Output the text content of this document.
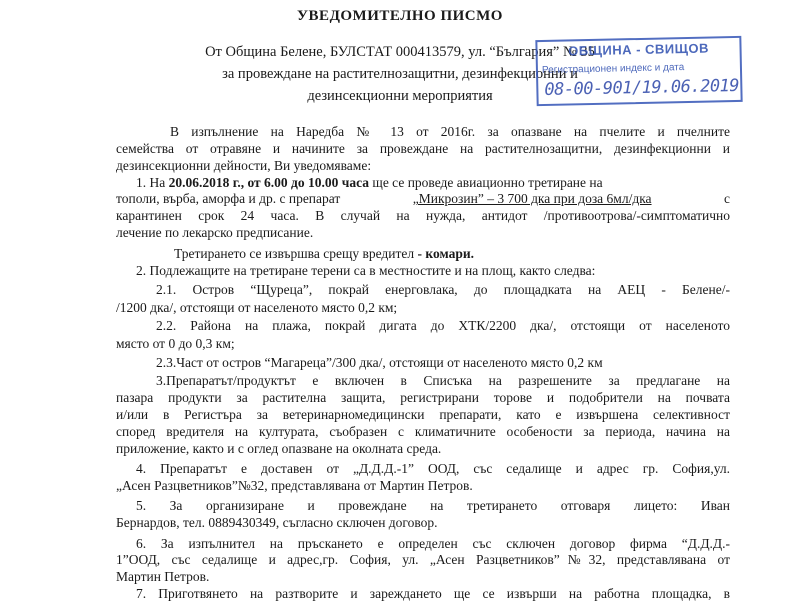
УВЕДОМИТЕЛНО ПИСМО
От Община Белене, БУЛСТАТ 000413579, ул. “България” № 35
за провеждане на растителнозащитни, дезинфекционни и
дезинсекционни мероприятия
ОБЩИНА - СВИЩОВ
Регистрационен индекс и дата
08-00-901/19.06.2019
В изпълнение на Наредба № 13 от 2016г. за опазване на пчелите и пчелните
семейства от отравяне и начините за провеждане на растителнозащитни, дезинфекционни и
дезинсекционни дейности, Ви уведомяваме:
1. На 20.06.2018 г., от 6.00 до 10.00 часа ще се проведе авиационно третиране на
тополи, върба, аморфа и др. с препарат	„Микрозин” – 3 700 дка при доза 6мл/дка	с
карантинен срок 24 часа. В случай на нужда, антидот /противоотрова/-симптоматично
лечение по лекарско предписание.
Третирането се извършва срещу вредител - комари.
2. Подлежащите на третиране терени са в местностите и на площ, както следва:
2.1. Остров “Щуреца”, покрай енерговлака, до площадката на АЕЦ - Белене/-
/1200 дка/, отстоящи от населеното място 0,2 км;
2.2. Района на плажа, покрай дигата до ХТК/2200 дка/, отстоящи от населеното
място от 0 до 0,3 км;
2.3.Част от остров “Магареца”/300 дка/, отстоящи от населеното място 0,2 км
3.Препаратът/продуктът е включен в Списъка на разрешените за предлагане на
пазара продукти за растителна защита, регистрирани торове и подобрители на почвата
и/или в Регистъра за ветеринарномедицински препарати, като е извършена селективност
според вредителя на културата, съобразен с климатичните особености за периода, начина на
приложение, както и с оглед опазване на околната среда.
4. Препаратът е доставен от „Д.Д.Д.-1” ООД, със седалище и адрес гр. София,ул.
„Асен Разцветников”№32, представлявана от Мартин Петров.
5. За организиране и провеждане на третирането отговаря лицето: Иван
Бернардов, тел. 0889430349, съгласно сключен договор.
6. За изпълнител на пръскането е определен със сключен договор фирма “Д.Д.Д.-
1”ООД, със седалище и адрес,гр. София, ул. „Асен Разцветников”№32, представлявана от
Мартин Петров.
7. Приготвянето на разтворите и зареждането ще се извърши на работна площадка, в
